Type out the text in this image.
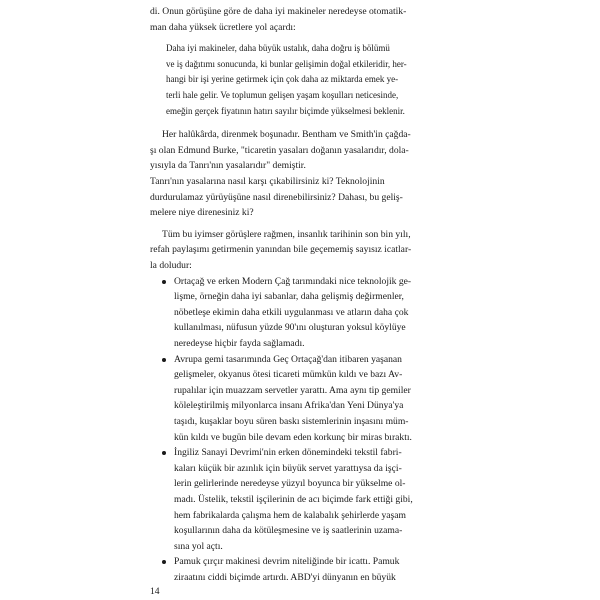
di. Onun görüşüne göre de daha iyi makineler neredeyse otomatik-
man daha yüksek ücretlere yol açardı:
Daha iyi makineler, daha büyük ustalık, daha doğru iş bölümü
ve iş dağıtımı sonucunda, ki bunlar gelişimin doğal etkileridir, her-
hangi bir işi yerine getirmek için çok daha az miktarda emek ye-
terli hale gelir. Ve toplumun gelişen yaşam koşulları neticesinde,
emeğin gerçek fiyatının hatırı sayılır biçimde yükselmesi beklenir.
Her halûkârda, direnmek boşunadır. Bentham ve Smith'in çağda-
şı olan Edmund Burke, "ticaretin yasaları doğanın yasalarıdır, dola-
yısıyla da Tanrı'nın yasalarıdır" demiştir.
Tanrı'nın yasalarına nasıl karşı çıkabilirsiniz ki? Teknolojinin
durdurulamaz yürüyüşüne nasıl direnebilirsiniz? Dahası, bu geliş-
melere niye direnesiniz ki?
Tüm bu iyimser görüşlere rağmen, insanlık tarihinin son bin yılı,
refah paylaşımı getirmenin yanından bile geçememiş sayısız icatlar-
la doludur:
Ortaçağ ve erken Modern Çağ tarımındaki nice teknolojik ge-
lişme, örneğin daha iyi sabanlar, daha gelişmiş değirmenler,
nöbetleşe ekimin daha etkili uygulanması ve atların daha çok
kullanılması, nüfusun yüzde 90'ını oluşturan yoksul köylüye
neredeyse hiçbir fayda sağlamadı.
Avrupa gemi tasarımında Geç Ortaçağ'dan itibaren yaşanan
gelişmeler, okyanus ötesi ticareti mümkün kıldı ve bazı Av-
rupalılar için muazzam servetler yarattı. Ama aynı tip gemiler
köleleştirilmiş milyonlarca insanı Afrika'dan Yeni Dünya'ya
taşıdı, kuşaklar boyu süren baskı sistemlerinin inşasını müm-
kün kıldı ve bugün bile devam eden korkunç bir miras bıraktı.
İngiliz Sanayi Devrimi'nin erken dönemindeki tekstil fabri-
kaları küçük bir azınlık için büyük servet yarattıysa da işçi-
lerin gelirlerinde neredeyse yüzyıl boyunca bir yükselme ol-
madı. Üstelik, tekstil işçilerinin de acı biçimde fark ettiği gibi,
hem fabrikalarda çalışma hem de kalabalık şehirlerde yaşam
koşullarının daha da kötüleşmesine ve iş saatlerinin uzama-
sına yol açtı.
Pamuk çırçır makinesi devrim niteliğinde bir icattı. Pamuk
ziraatını ciddi biçimde artırdı. ABD'yi dünyanın en büyük
14
